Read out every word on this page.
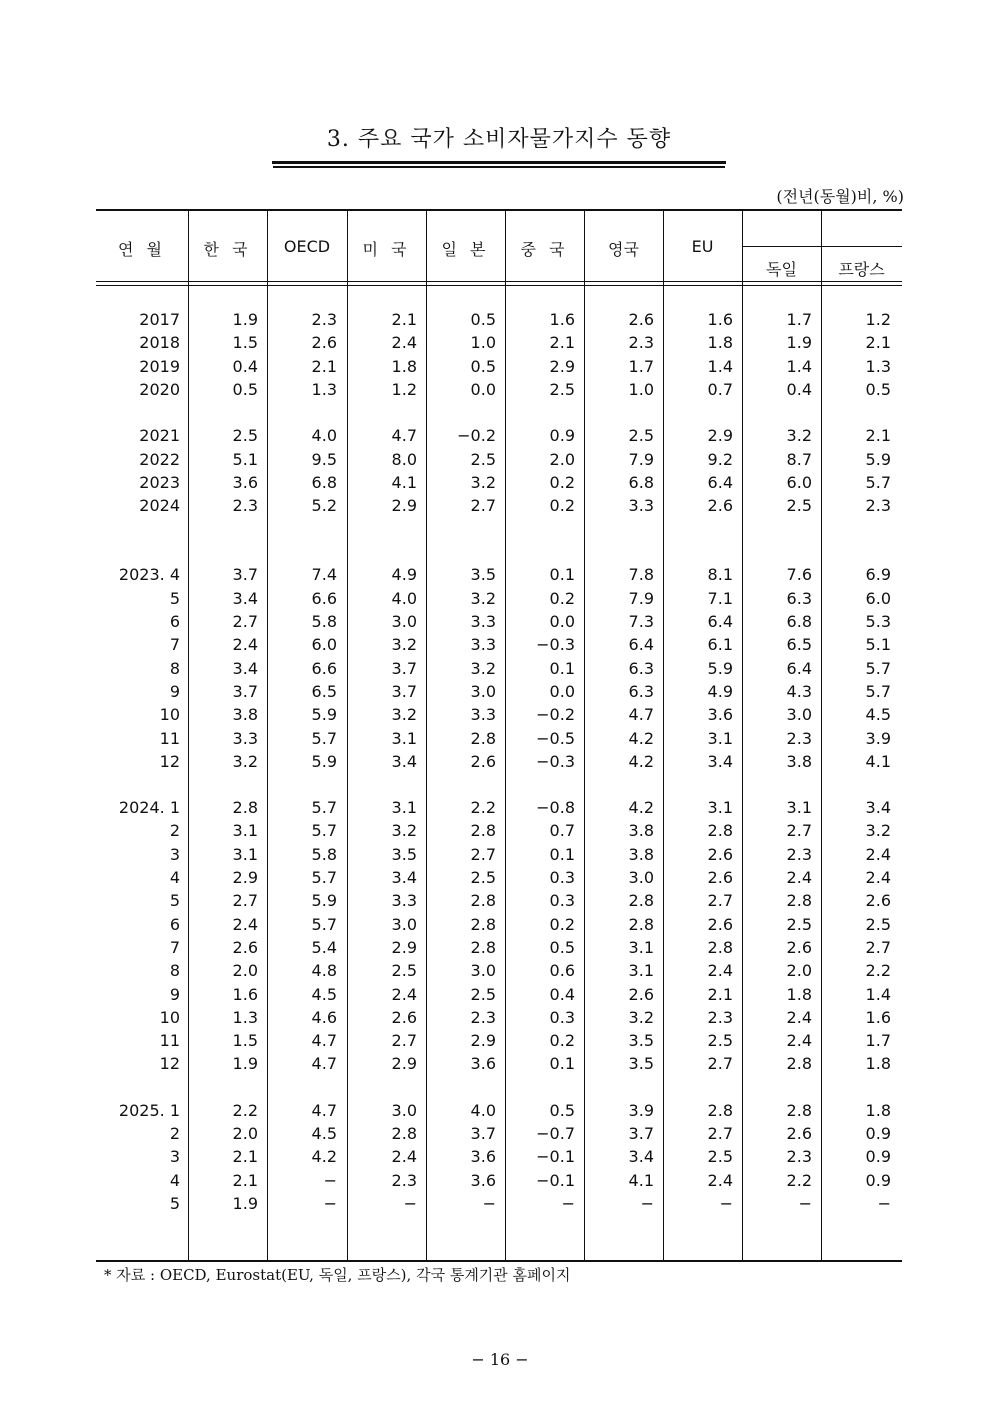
3. 주요 국가 소비자물가지수 동향
(전년(동월)비, %)
연 월	한 국	OECD	미 국	일 본	중 국	영국	EU
독일	프랑스
2017	1.9	2.3	2.1	0.5	1.6	2.6	1.6	1.7	1.2
2018	1.5	2.6	2.4	1.0	2.1	2.3	1.8	1.9	2.1
2019	0.4	2.1	1.8	0.5	2.9	1.7	1.4	1.4	1.3
2020	0.5	1.3	1.2	0.0	2.5	1.0	0.7	0.4	0.5
2021	2.5	4.0	4.7	−0.2	0.9	2.5	2.9	3.2	2.1
2022	5.1	9.5	8.0	2.5	2.0	7.9	9.2	8.7	5.9
2023	3.6	6.8	4.1	3.2	0.2	6.8	6.4	6.0	5.7
2024	2.3	5.2	2.9	2.7	0.2	3.3	2.6	2.5	2.3
2023. 4	3.7	7.4	4.9	3.5	0.1	7.8	8.1	7.6	6.9
5	3.4	6.6	4.0	3.2	0.2	7.9	7.1	6.3	6.0
6	2.7	5.8	3.0	3.3	0.0	7.3	6.4	6.8	5.3
7	2.4	6.0	3.2	3.3	−0.3	6.4	6.1	6.5	5.1
8	3.4	6.6	3.7	3.2	0.1	6.3	5.9	6.4	5.7
9	3.7	6.5	3.7	3.0	0.0	6.3	4.9	4.3	5.7
10	3.8	5.9	3.2	3.3	−0.2	4.7	3.6	3.0	4.5
11	3.3	5.7	3.1	2.8	−0.5	4.2	3.1	2.3	3.9
12	3.2	5.9	3.4	2.6	−0.3	4.2	3.4	3.8	4.1
2024. 1	2.8	5.7	3.1	2.2	−0.8	4.2	3.1	3.1	3.4
2	3.1	5.7	3.2	2.8	0.7	3.8	2.8	2.7	3.2
3	3.1	5.8	3.5	2.7	0.1	3.8	2.6	2.3	2.4
4	2.9	5.7	3.4	2.5	0.3	3.0	2.6	2.4	2.4
5	2.7	5.9	3.3	2.8	0.3	2.8	2.7	2.8	2.6
6	2.4	5.7	3.0	2.8	0.2	2.8	2.6	2.5	2.5
7	2.6	5.4	2.9	2.8	0.5	3.1	2.8	2.6	2.7
8	2.0	4.8	2.5	3.0	0.6	3.1	2.4	2.0	2.2
9	1.6	4.5	2.4	2.5	0.4	2.6	2.1	1.8	1.4
10	1.3	4.6	2.6	2.3	0.3	3.2	2.3	2.4	1.6
11	1.5	4.7	2.7	2.9	0.2	3.5	2.5	2.4	1.7
12	1.9	4.7	2.9	3.6	0.1	3.5	2.7	2.8	1.8
2025. 1	2.2	4.7	3.0	4.0	0.5	3.9	2.8	2.8	1.8
2	2.0	4.5	2.8	3.7	−0.7	3.7	2.7	2.6	0.9
3	2.1	4.2	2.4	3.6	−0.1	3.4	2.5	2.3	0.9
4	2.1	−	2.3	3.6	−0.1	4.1	2.4	2.2	0.9
5	1.9	−	−	−	−	−	−	−	−
* 자료 : OECD, Eurostat(EU, 독일, 프랑스), 각국 통계기관 홈페이지
− 16 −
